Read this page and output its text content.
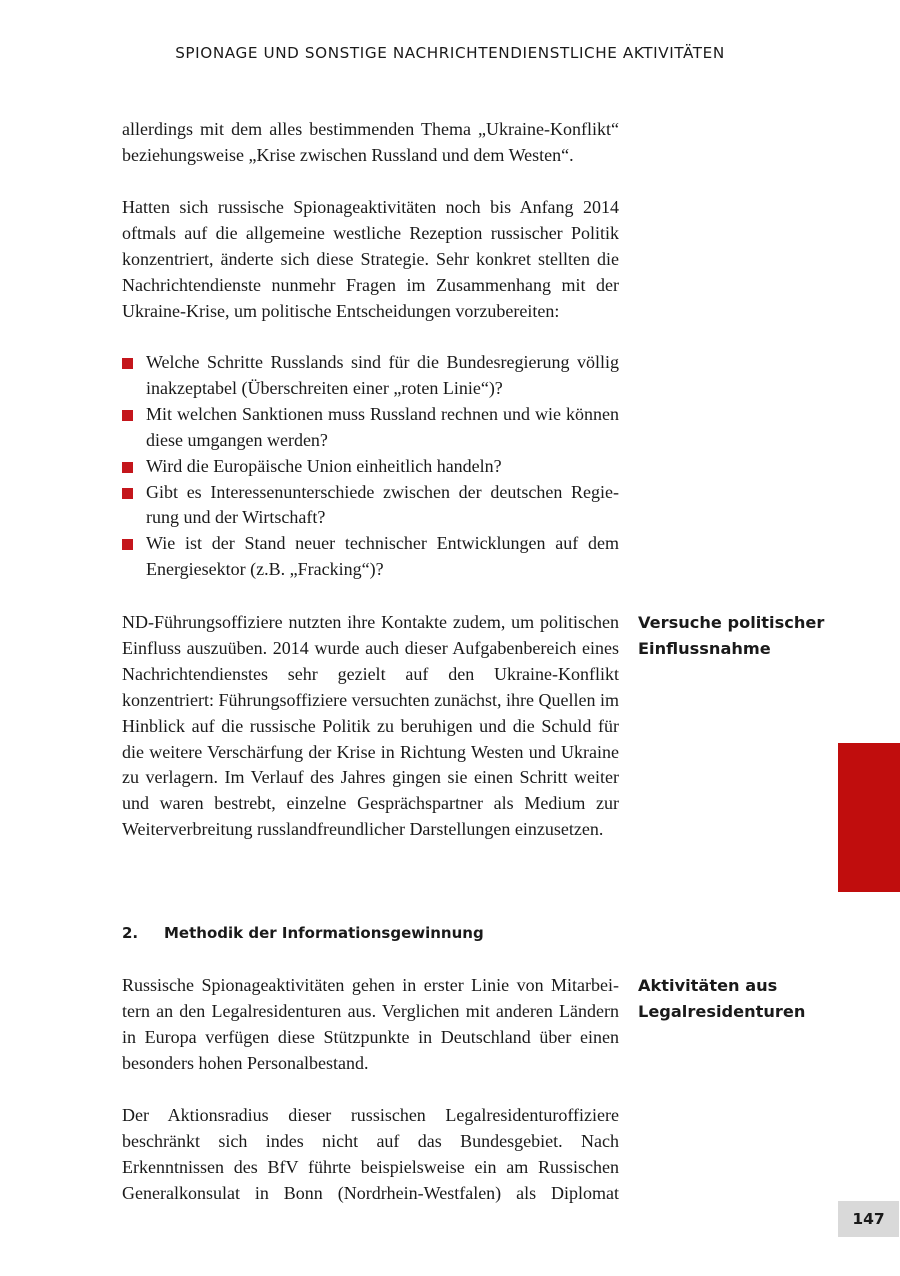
SPIONAGE UND SONSTIGE NACHRICHTENDIENSTLICHE AKTIVITÄTEN

allerdings mit dem alles bestimmenden Thema „Ukraine-Konflikt“ beziehungsweise „Krise zwischen Russland und dem Westen“.

Hatten sich russische Spionageaktivitäten noch bis Anfang 2014 oftmals auf die allgemeine westliche Rezeption russischer Politik konzentriert, änderte sich diese Strategie. Sehr konkret stellten die Nachrichtendienste nunmehr Fragen im Zusammenhang mit der Ukraine-Krise, um politische Entscheidungen vorzubereiten:

Welche Schritte Russlands sind für die Bundesregierung völlig inakzeptabel (Überschreiten einer „roten Linie“)?
Mit welchen Sanktionen muss Russland rechnen und wie können diese umgangen werden?
Wird die Europäische Union einheitlich handeln?
Gibt es Interessenunterschiede zwischen der deutschen Regierung und der Wirtschaft?
Wie ist der Stand neuer technischer Entwicklungen auf dem Energiesektor (z.B. „Fracking“)?

ND-Führungsoffiziere nutzten ihre Kontakte zudem, um politischen Einfluss auszuüben. 2014 wurde auch dieser Aufgabenbereich eines Nachrichtendienstes sehr gezielt auf den Ukraine-Konflikt konzentriert: Führungsoffiziere versuchten zunächst, ihre Quellen im Hinblick auf die russische Politik zu beruhigen und die Schuld für die weitere Verschärfung der Krise in Richtung Westen und Ukraine zu verlagern. Im Verlauf des Jahres gingen sie einen Schritt weiter und waren bestrebt, einzelne Gesprächspartner als Medium zur Weiterverbreitung russlandfreundlicher Darstellungen einzusetzen.

Versuche politischer Einflussnahme
2. Methodik der Informationsgewinnung

Russische Spionageaktivitäten gehen in erster Linie von Mitarbeitern an den Legalresidenturen aus. Verglichen mit anderen Ländern in Europa verfügen diese Stützpunkte in Deutschland über einen besonders hohen Personalbestand.

Aktivitäten aus Legalresidenturen

Der Aktionsradius dieser russischen Legalresidenturoffiziere beschränkt sich indes nicht auf das Bundesgebiet. Nach Erkenntnissen des BfV führte beispielsweise ein am Russischen Generalkonsulat in Bonn (Nordrhein-Westfalen) als Diplomat

147
